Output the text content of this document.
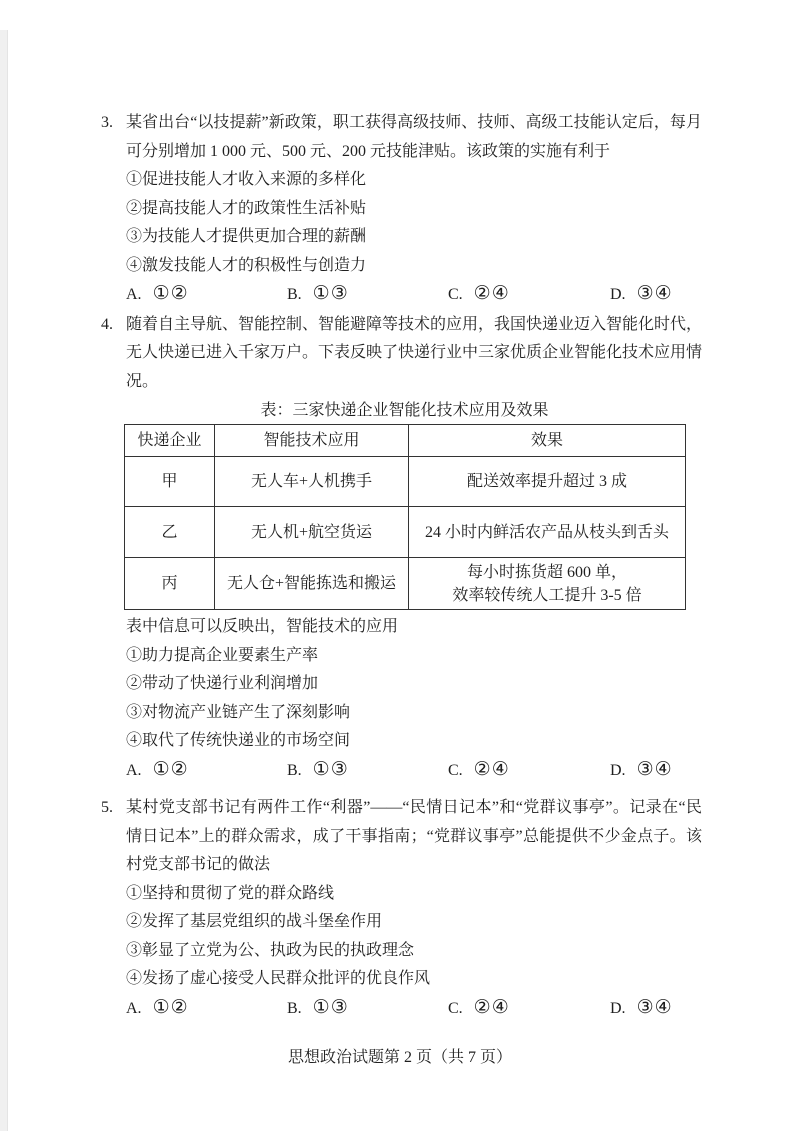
3. 某省出台“以技提薪”新政策，职工获得高级技师、技师、高级工技能认定后，每月可分别增加 1 000 元、500 元、200 元技能津贴。该政策的实施有利于

①促进技能人才收入来源的多样化
②提高技能人才的政策性生活补贴
③为技能人才提供更加合理的薪酬
④激发技能人才的积极性与创造力
A. ①②	B. ①③	C. ②④	D. ③④
4. 随着自主导航、智能控制、智能避障等技术的应用，我国快递业迈入智能化时代，无人快递已进入千家万户。下表反映了快递行业中三家优质企业智能化技术应用情况。

表：三家快递企业智能化技术应用及效果
快递企业	智能技术应用	效果
甲	无人车+人机携手	配送效率提升超过 3 成
乙	无人机+航空货运	24 小时内鲜活农产品从枝头到舌头
丙	无人仓+智能拣选和搬运	每小时拣货超 600 单，
效率较传统人工提升 3-5 倍
表中信息可以反映出，智能技术的应用
①助力提高企业要素生产率
②带动了快递行业利润增加
③对物流产业链产生了深刻影响
④取代了传统快递业的市场空间
A. ①②	B. ①③	C. ②④	D. ③④
5. 某村党支部书记有两件工作“利器”——“民情日记本”和“党群议事亭”。记录在“民情日记本”上的群众需求，成了干事指南；“党群议事亭”总能提供不少金点子。该村党支部书记的做法

①坚持和贯彻了党的群众路线
②发挥了基层党组织的战斗堡垒作用
③彰显了立党为公、执政为民的执政理念
④发扬了虚心接受人民群众批评的优良作风
A. ①②	B. ①③	C. ②④	D. ③④
思想政治试题第 2 页（共 7 页）
